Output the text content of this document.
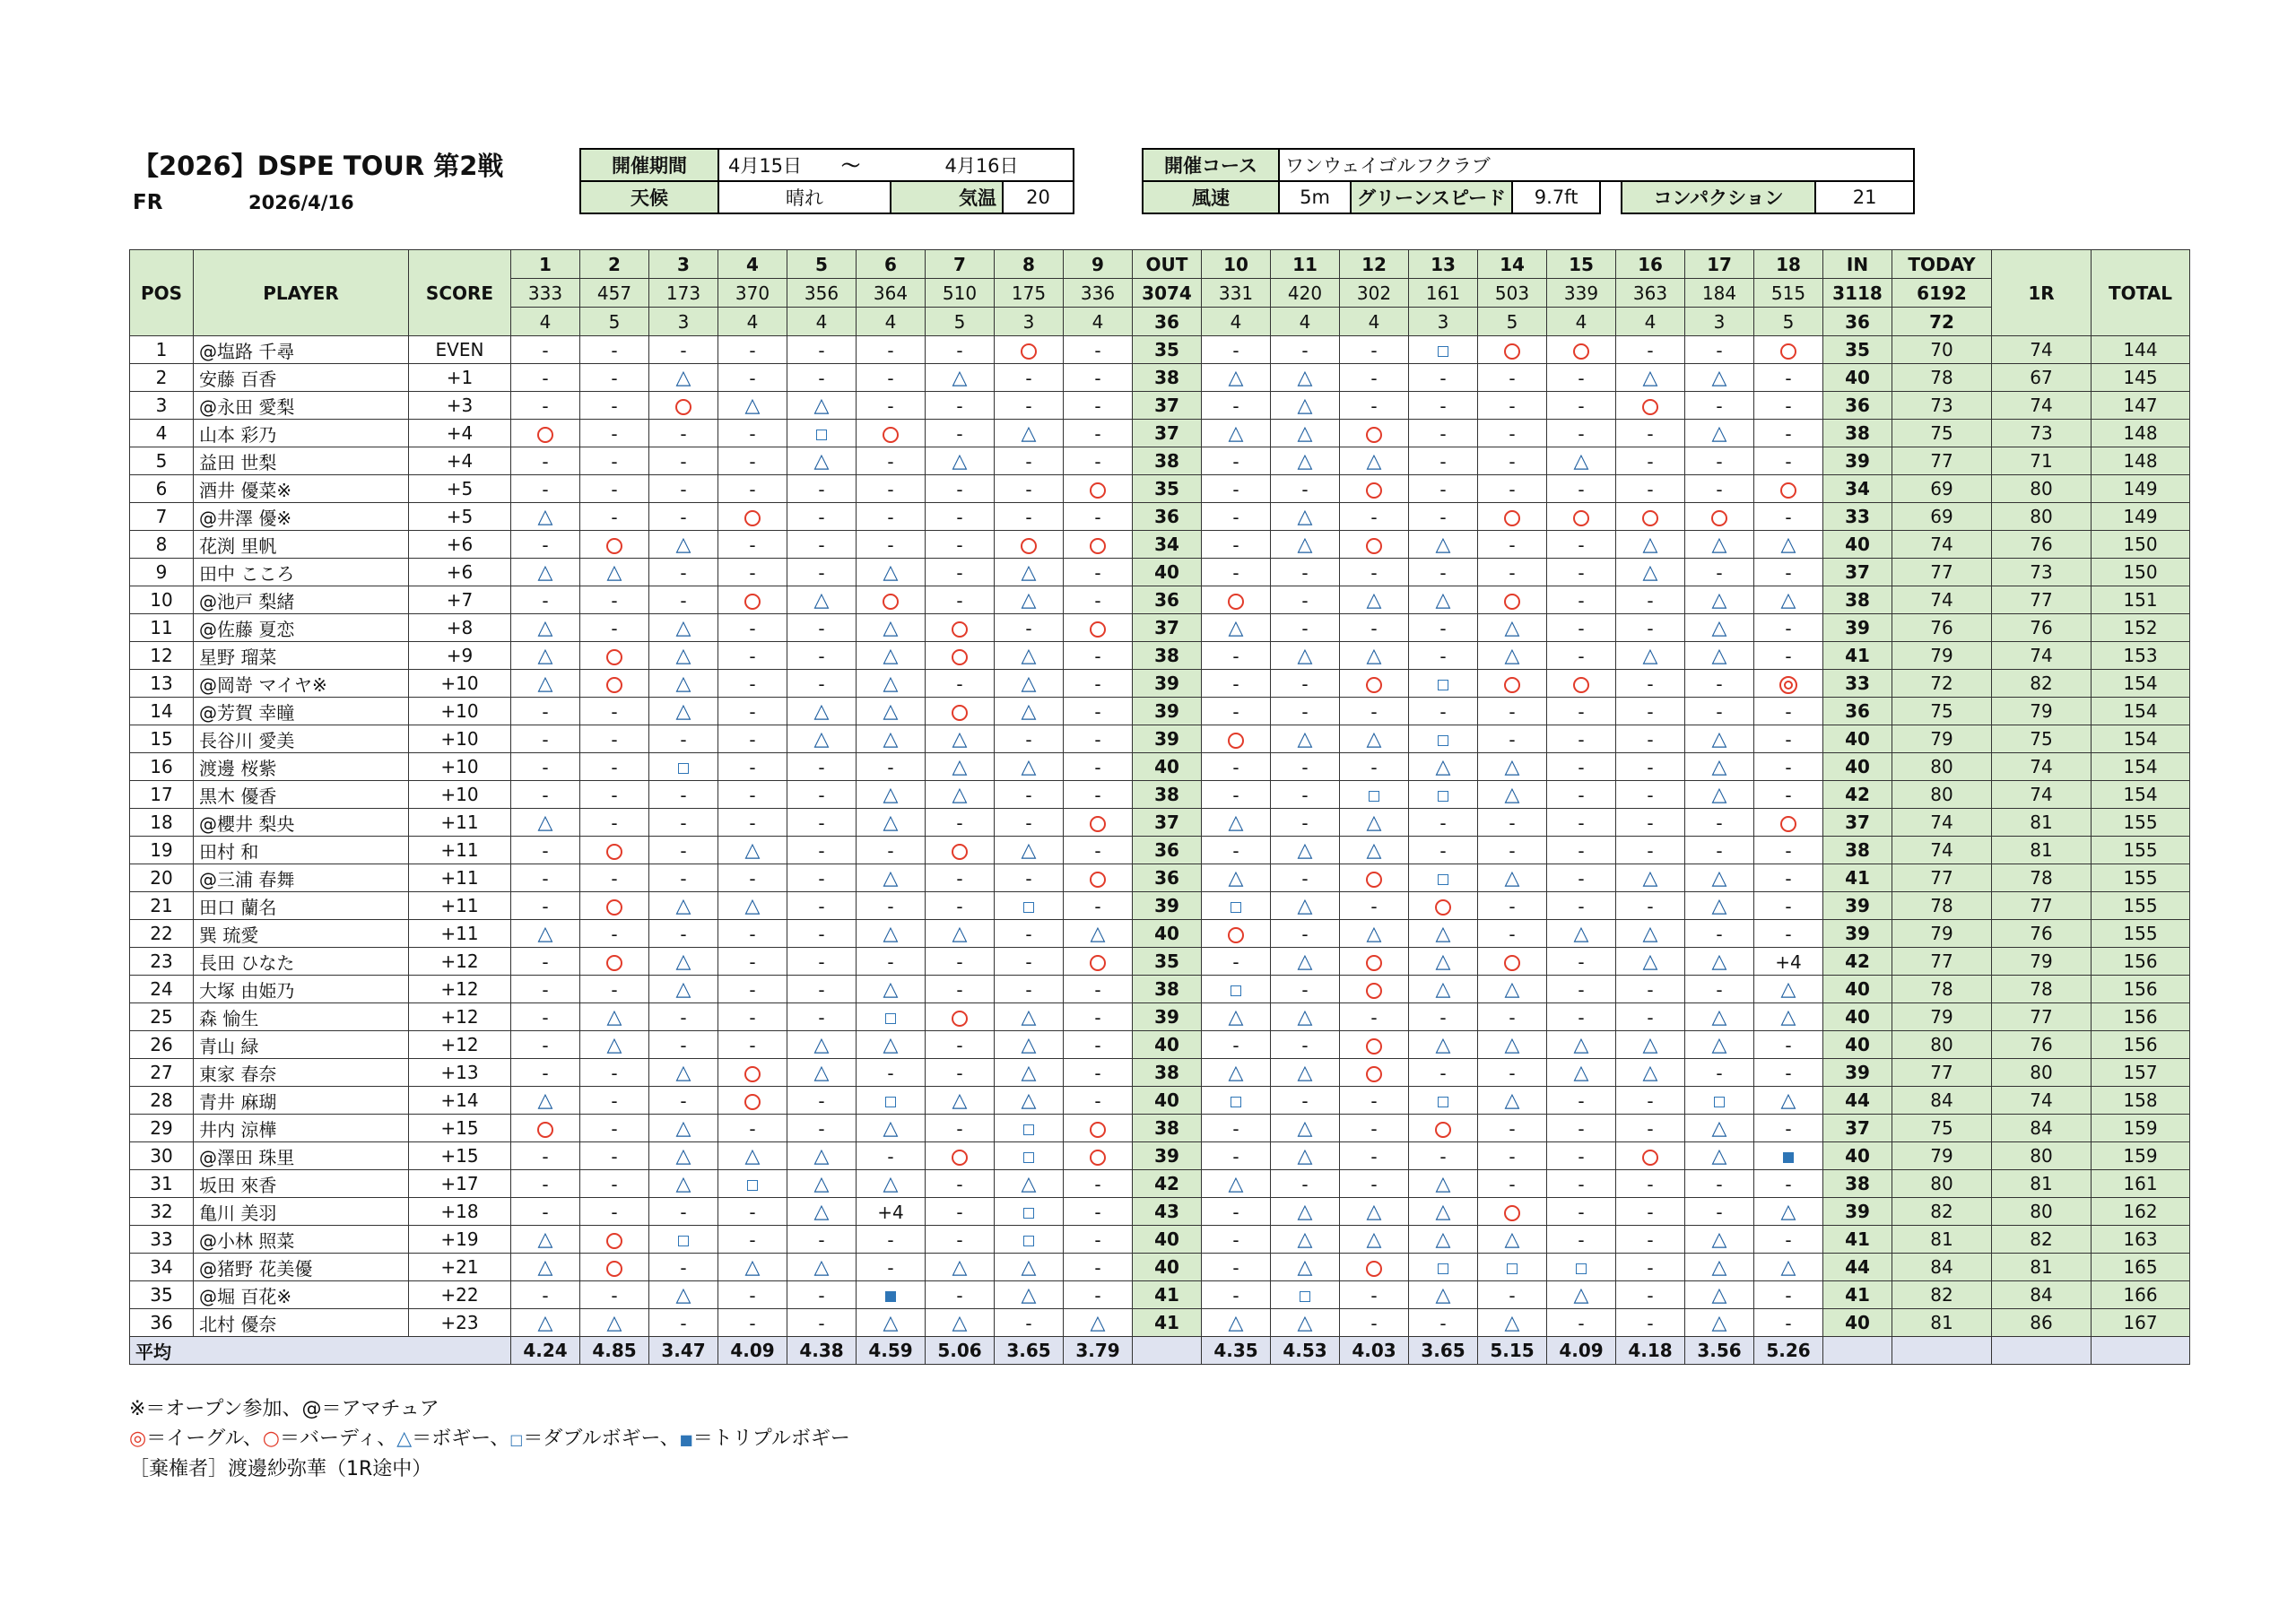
【2026】DSPE TOUR 第2戦
FR	2026/4/16
開催期間	4月15日	～	4月16日			開催コース	ワンウェイゴルフクラブ					
天候	晴れ		気温	20		風速	5m	グリーンスピード	9.7ft		コンパクション	21
POS	PLAYER	SCORE	1	2	3	4	5	6	7	8	9	OUT	10	11	12	13	14	15	16	17	18	IN	TODAY	1R	TOTAL
			333	457	173	370	356	364	510	175	336	3074	331	420	302	161	503	339	363	184	515	3118	6192		
			4	5	3	4	4	4	5	3	4	36	4	4	4	3	5	4	4	3	5	36	72		
1	@塩路 千尋	EVEN	-	-	-	-	-	-	-		-	35	-	-	-				-	-		35	70	74	144
2	安藤 百香	+1	-	-	△	-	-	-	△	-	-	38	△	△	-	-	-	-	△	△	-	40	78	67	145
3	@永田 愛梨	+3	-	-		△	△	-	-	-	-	37	-	△	-	-	-	-		-	-	36	73	74	147
4	山本 彩乃	+4		-	-	-			-	△	-	37	△	△		-	-	-	-	△	-	38	75	73	148
5	益田 世梨	+4	-	-	-	-	△	-	△	-	-	38	-	△	△	-	-	△	-	-	-	39	77	71	148
6	酒井 優菜※	+5	-	-	-	-	-	-	-	-		35	-	-		-	-	-	-	-		34	69	80	149
7	@井澤 優※	+5	△	-	-		-	-	-	-	-	36	-	△	-	-					-	33	69	80	149
8	花渕 里帆	+6	-		△	-	-	-	-			34	-	△		△	-	-	△	△	△	40	74	76	150
9	田中 こころ	+6	△	△	-	-	-	△	-	△	-	40	-	-	-	-	-	-	△	-	-	37	77	73	150
10	@池戸 梨緒	+7	-	-	-		△		-	△	-	36		-	△	△		-	-	△	△	38	74	77	151
11	@佐藤 夏恋	+8	△	-	△	-	-	△		-		37	△	-	-	-	△	-	-	△	-	39	76	76	152
12	星野 瑠菜	+9	△		△	-	-	△		△	-	38	-	△	△	-	△	-	△	△	-	41	79	74	153
13	@岡嵜 マイヤ※	+10	△		△	-	-	△	-	△	-	39	-	-					-	-		33	72	82	154
14	@芳賀 幸瞳	+10	-	-	△	-	△	△		△	-	39	-	-	-	-	-	-	-	-	-	36	75	79	154
15	長谷川 愛美	+10	-	-	-	-	△	△	△	-	-	39		△	△		-	-	-	△	-	40	79	75	154
16	渡邊 桜紫	+10	-	-		-	-	-	△	△	-	40	-	-	-	△	△	-	-	△	-	40	80	74	154
17	黒木 優香	+10	-	-	-	-	-	△	△	-	-	38	-	-			△	-	-	△	-	42	80	74	154
18	@櫻井 梨央	+11	△	-	-	-	-	△	-	-		37	△	-	△	-	-	-	-	-		37	74	81	155
19	田村 和	+11	-		-	△	-	-		△	-	36	-	△	△	-	-	-	-	-	-	38	74	81	155
20	@三浦 春舞	+11	-	-	-	-	-	△	-	-		36	△	-			△	-	△	△	-	41	77	78	155
21	田口 蘭名	+11	-		△	△	-	-	-		-	39		△	-		-	-	-	△	-	39	78	77	155
22	巽 琉愛	+11	△	-	-	-	-	△	△	-	△	40		-	△	△	-	△	△	-	-	39	79	76	155
23	長田 ひなた	+12	-		△	-	-	-	-	-		35	-	△		△		-	△	△	+4	42	77	79	156
24	大塚 由姫乃	+12	-	-	△	-	-	△	-	-	-	38		-		△	△	-	-	-	△	40	78	78	156
25	森 愉生	+12	-	△	-	-	-			△	-	39	△	△	-	-	-	-	-	△	△	40	79	77	156
26	青山 緑	+12	-	△	-	-	△	△	-	△	-	40	-	-		△	△	△	△	△	-	40	80	76	156
27	東家 春奈	+13	-	-	△		△	-	-	△	-	38	△	△		-	-	△	△	-	-	39	77	80	157
28	青井 麻瑚	+14	△	-	-		-		△	△	-	40		-	-		△	-	-		△	44	84	74	158
29	井内 涼樺	+15		-	△	-	-	△	-			38	-	△	-		-	-	-	△	-	37	75	84	159
30	@澤田 珠里	+15	-	-	△	△	△	-				39	-	△	-	-	-	-		△		40	79	80	159
31	坂田 來香	+17	-	-	△		△	△	-	△	-	42	△	-	-	△	-	-	-	-	-	38	80	81	161
32	亀川 美羽	+18	-	-	-	-	△	+4	-		-	43	-	△	△	△		-	-	-	△	39	82	80	162
33	@小林 照菜	+19	△			-	-	-	-		-	40	-	△	△	△	△	-	-	△	-	41	81	82	163
34	@猪野 花美優	+21	△		-	△	△	-	△	△	-	40	-	△					-	△	△	44	84	81	165
35	@堀 百花※	+22	-	-	△	-	-		-	△	-	41	-		-	△	-	△	-	△	-	41	82	84	166
36	北村 優奈	+23	△	△	-	-	-	△	△	-	△	41	△	△	-	-	△	-	-	△	-	40	81	86	167
平均			4.24	4.85	3.47	4.09	4.38	4.59	5.06	3.65	3.79		4.35	4.53	4.03	3.65	5.15	4.09	4.18	3.56	5.26				
※＝オープン参加、@＝アマチュア
◎＝イーグル、○＝バーディ、△＝ボギー、□＝ダブルボギー、■＝トリプルボギー
［棄権者］渡邊紗弥華（1R途中）
